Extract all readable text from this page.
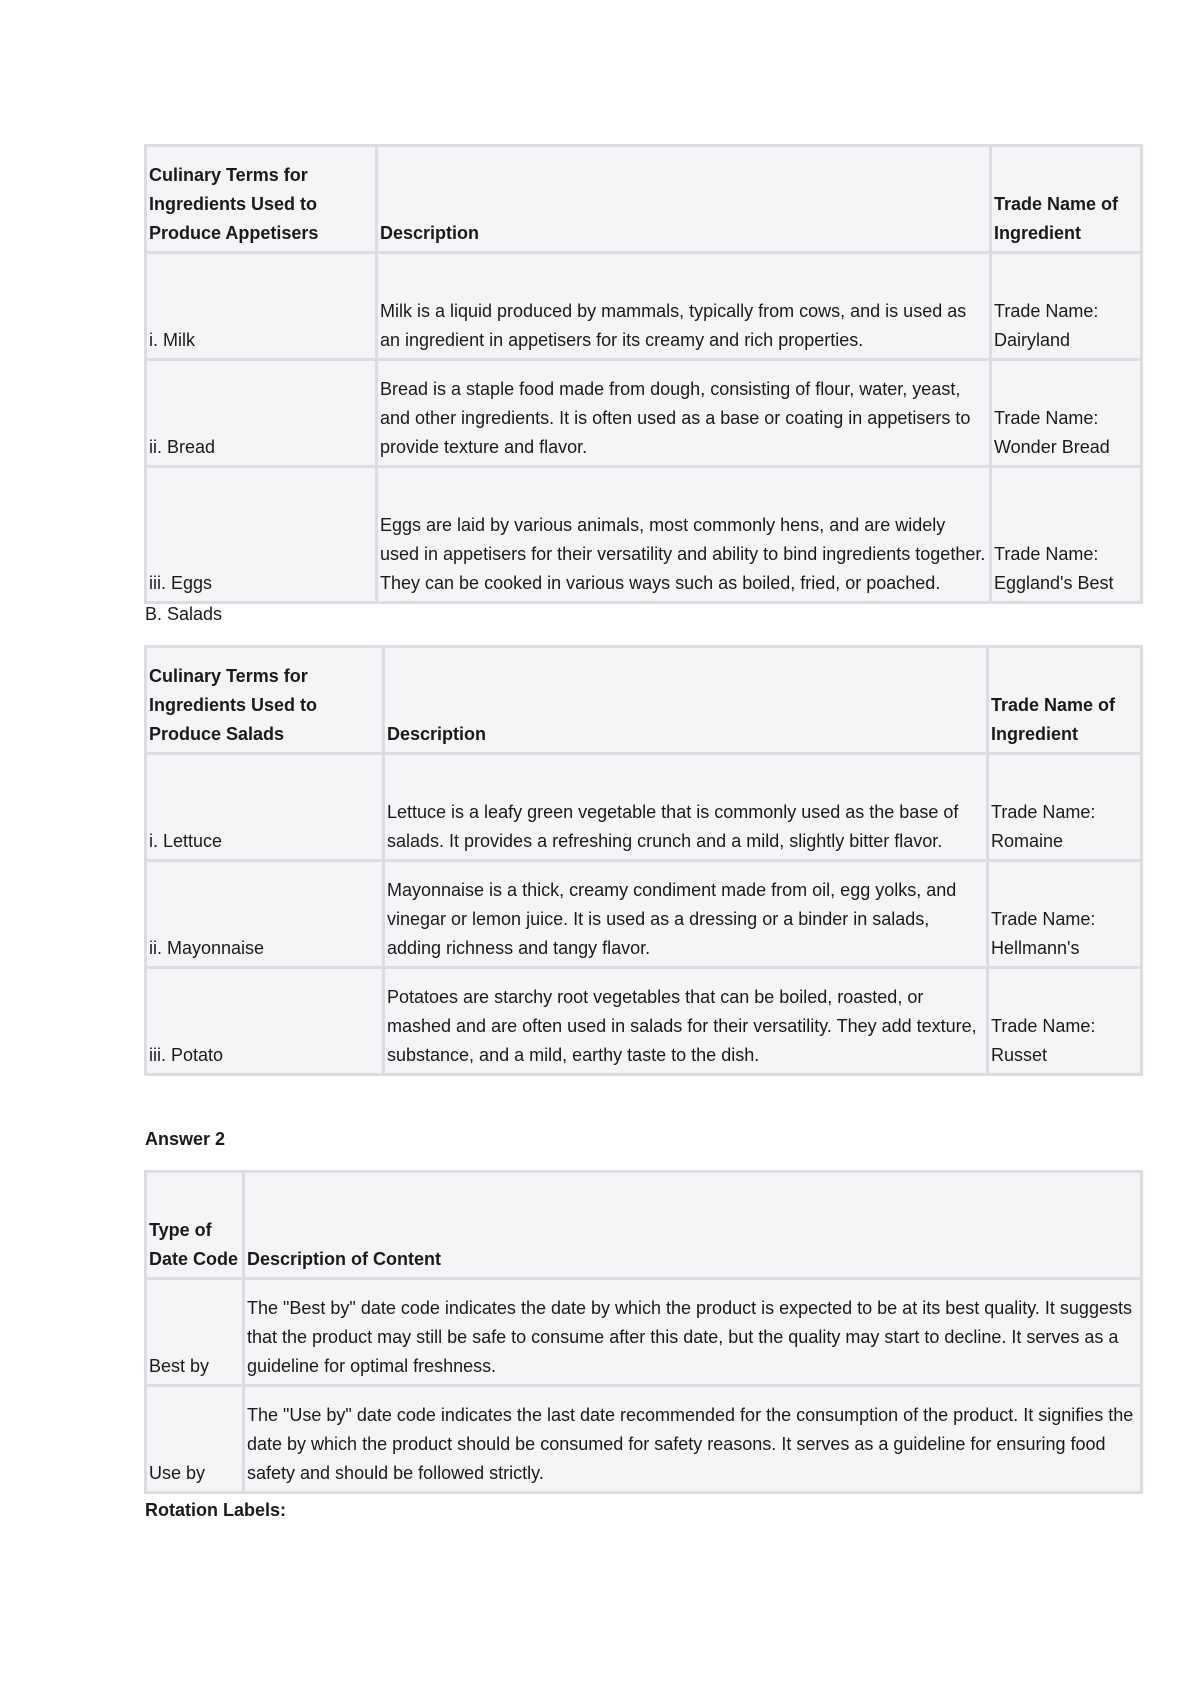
Culinary Terms for Ingredients Used to Produce Appetisers	Description	Trade Name of Ingredient
i. Milk	Milk is a liquid produced by mammals, typically from cows, and is used as an ingredient in appetisers for its creamy and rich properties.	Trade Name: Dairyland
ii. Bread	Bread is a staple food made from dough, consisting of flour, water, yeast, and other ingredients. It is often used as a base or coating in appetisers to provide texture and flavor.	Trade Name: Wonder Bread
iii. Eggs	Eggs are laid by various animals, most commonly hens, and are widely used in appetisers for their versatility and ability to bind ingredients together. They can be cooked in various ways such as boiled, fried, or poached.	Trade Name: Eggland's Best
B. Salads
Culinary Terms for Ingredients Used to Produce Salads	Description	Trade Name of Ingredient
i. Lettuce	Lettuce is a leafy green vegetable that is commonly used as the base of salads. It provides a refreshing crunch and a mild, slightly bitter flavor.	Trade Name: Romaine
ii. Mayonnaise	Mayonnaise is a thick, creamy condiment made from oil, egg yolks, and vinegar or lemon juice. It is used as a dressing or a binder in salads, adding richness and tangy flavor.	Trade Name: Hellmann's
iii. Potato	Potatoes are starchy root vegetables that can be boiled, roasted, or mashed and are often used in salads for their versatility. They add texture, substance, and a mild, earthy taste to the dish.	Trade Name: Russet
Answer 2
Type of Date Code	Description of Content
Best by	The "Best by" date code indicates the date by which the product is expected to be at its best quality. It suggests that the product may still be safe to consume after this date, but the quality may start to decline. It serves as a guideline for optimal freshness.
Use by	The "Use by" date code indicates the last date recommended for the consumption of the product. It signifies the date by which the product should be consumed for safety reasons. It serves as a guideline for ensuring food safety and should be followed strictly.
Rotation Labels:
